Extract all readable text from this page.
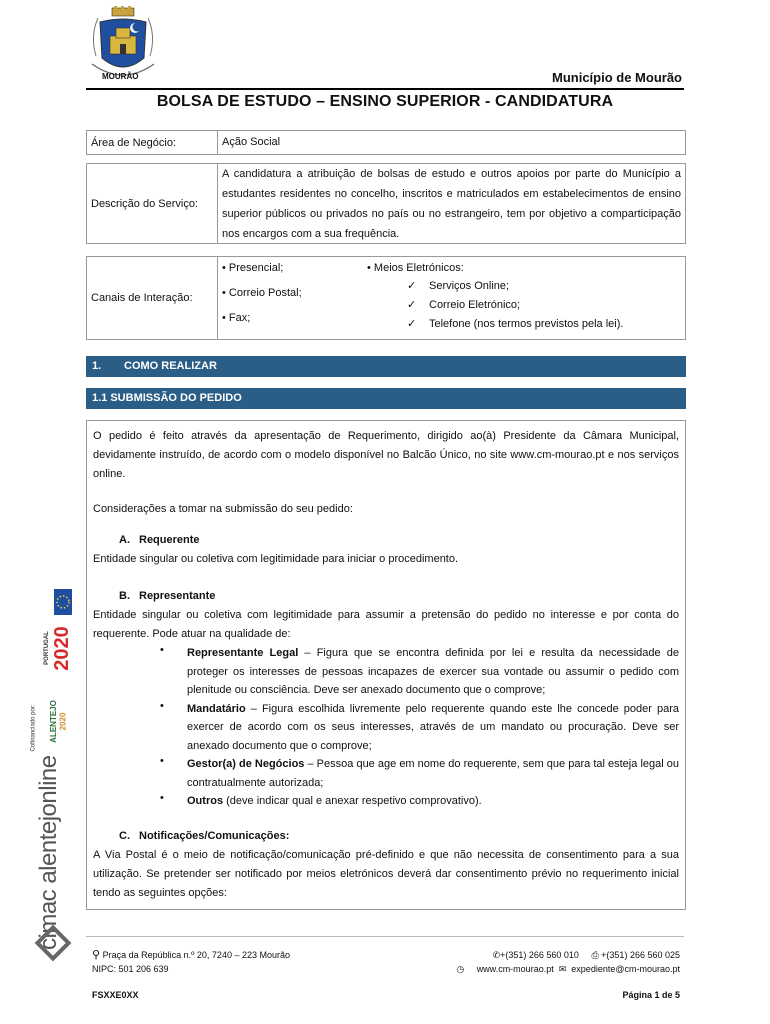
MOURÃO	Município de Mourão
BOLSA DE ESTUDO – ENSINO SUPERIOR - CANDIDATURA
Área de Negócio:	Ação Social
Descrição do Serviço:
A candidatura a atribuição de bolsas de estudo e outros apoios por parte do Município a estudantes residentes no concelho, inscritos e matriculados em estabelecimentos de ensino superior públicos ou privados no país ou no estrangeiro, tem por objetivo a comparticipação nos encargos com a sua frequência.
Canais de Interação:
• Presencial;
• Correio Postal;
• Fax;
• Meios Eletrónicos:
✓ Serviços Online;
✓ Correio Eletrónico;
✓ Telefone (nos termos previstos pela lei).
1. COMO REALIZAR
1.1 SUBMISSÃO DO PEDIDO

O pedido é feito através da apresentação de Requerimento, dirigido ao(à) Presidente da Câmara Municipal, devidamente instruído, de acordo com o modelo disponível no Balcão Único, no site www.cm-mourao.pt e nos serviços online.

Considerações a tomar na submissão do seu pedido:

A. Requerente

Entidade singular ou coletiva com legitimidade para iniciar o procedimento.

B. Representante

Entidade singular ou coletiva com legitimidade para assumir a pretensão do pedido no interesse e por conta do requerente. Pode atuar na qualidade de:

•	Representante Legal – Figura que se encontra definida por lei e resulta da necessidade de proteger os interesses de pessoas incapazes de exercer sua vontade ou assumir o pedido com plenitude ou consciência. Deve ser anexado documento que o comprove;
•	Mandatário – Figura escolhida livremente pelo requerente quando este lhe concede poder para exercer de acordo com os seus interesses, através de um mandato ou procuração. Deve ser anexado documento que o comprove;
•	Gestor(a) de Negócios – Pessoa que age em nome do requerente, sem que para tal esteja legal ou contratualmente autorizada;
•	Outros (deve indicar qual e anexar respetivo comprovativo).
C. Notificações/Comunicações:

A Via Postal é o meio de notificação/comunicação pré-definido e que não necessita de consentimento para a sua utilização. Se pretender ser notificado por meios eletrónicos deverá dar consentimento prévio no requerimento inicial tendo as seguintes opções:

PORTUGAL 2020
ALENTEJO 2020
Cofinanciado por:
cimac alentejonline
⚲ Praça da República n.º 20, 7240 – 223 Mourão
NIPC: 501 206 639
✆+(351) 266 560 010 ⎙ +(351) 266 560 025
◷ www.cm-mourao.pt ✉ expediente@cm-mourao.pt
FSXXE0XX	Página 1 de 5
